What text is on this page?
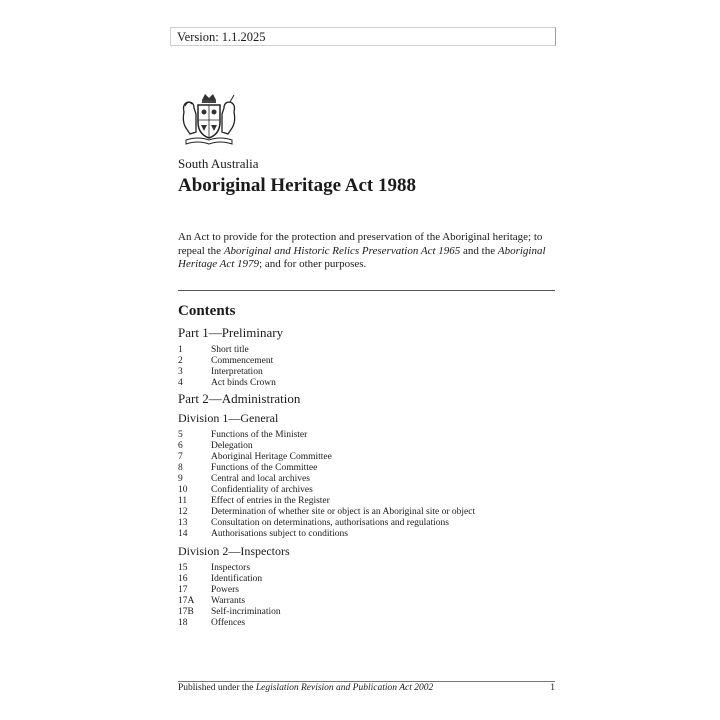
Version: 1.1.2025
South Australia
Aboriginal Heritage Act 1988

An Act to provide for the protection and preservation of the Aboriginal heritage; to repeal the Aboriginal and Historic Relics Preservation Act 1965 and the Aboriginal Heritage Act 1979; and for other purposes.

Contents
Part 1—Preliminary
1	Short title
2	Commencement
3	Interpretation
4	Act binds Crown
Part 2—Administration
Division 1—General
5	Functions of the Minister
6	Delegation
7	Aboriginal Heritage Committee
8	Functions of the Committee
9	Central and local archives
10	Confidentiality of archives
11	Effect of entries in the Register
12	Determination of whether site or object is an Aboriginal site or object
13	Consultation on determinations, authorisations and regulations
14	Authorisations subject to conditions
Division 2—Inspectors
15	Inspectors
16	Identification
17	Powers
17A	Warrants
17B	Self-incrimination
18	Offences
Published under the Legislation Revision and Publication Act 2002	1
